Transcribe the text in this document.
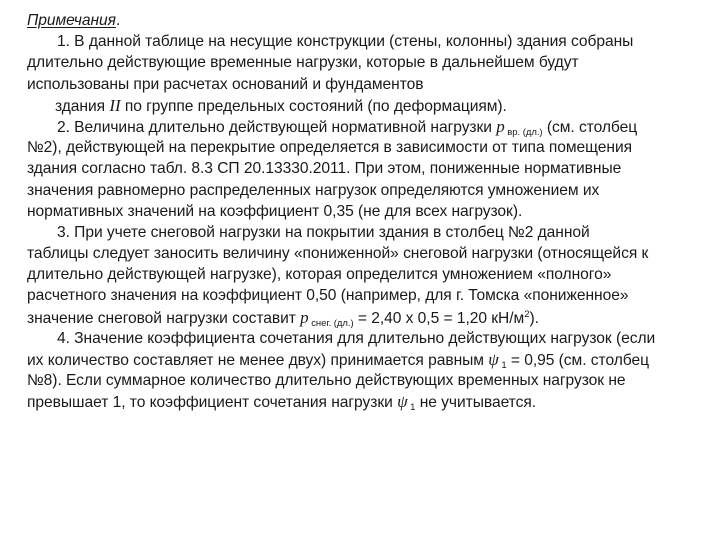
Примечания.
1. В данной таблице на несущие конструкции (стены, колонны) здания собраны
длительно действующие временные нагрузки, которые в дальнейшем будут
использованы при расчетах оснований и фундаментов
здания II по группе предельных состояний (по деформациям).
2. Величина длительно действующей нормативной нагрузки p $_{вр. (дл.)}$ (см. столбец
№2), действующей на перекрытие определяется в зависимости от типа помещения
здания согласно табл. 8.3 СП 20.13330.2011. При этом, пониженные нормативные
значения равномерно распределенных нагрузок определяются умножением их
нормативных значений на коэффициент 0,35 (не для всех нагрузок).
3. При учете снеговой нагрузки на покрытии здания в столбец №2 данной
таблицы следует заносить величину «пониженной» снеговой нагрузки (относящейся к
длительно действующей нагрузке), которая определится умножением «полного»
расчетного значения на коэффициент 0,50 (например, для г. Томска «пониженное»
значение снеговой нагрузки составит p $_{снег. (дл.)}$ = 2,40 х 0,5 = 1,20 $кН/м^2$).
4. Значение коэффициента сочетания для длительно действующих нагрузок (если
их количество составляет не менее двух) принимается равным ψ $_1$ = 0,95 (см. столбец
№8). Если суммарное количество длительно действующих временных нагрузок не
превышает 1, то коэффициент сочетания нагрузки ψ $_1$ не учитывается.
